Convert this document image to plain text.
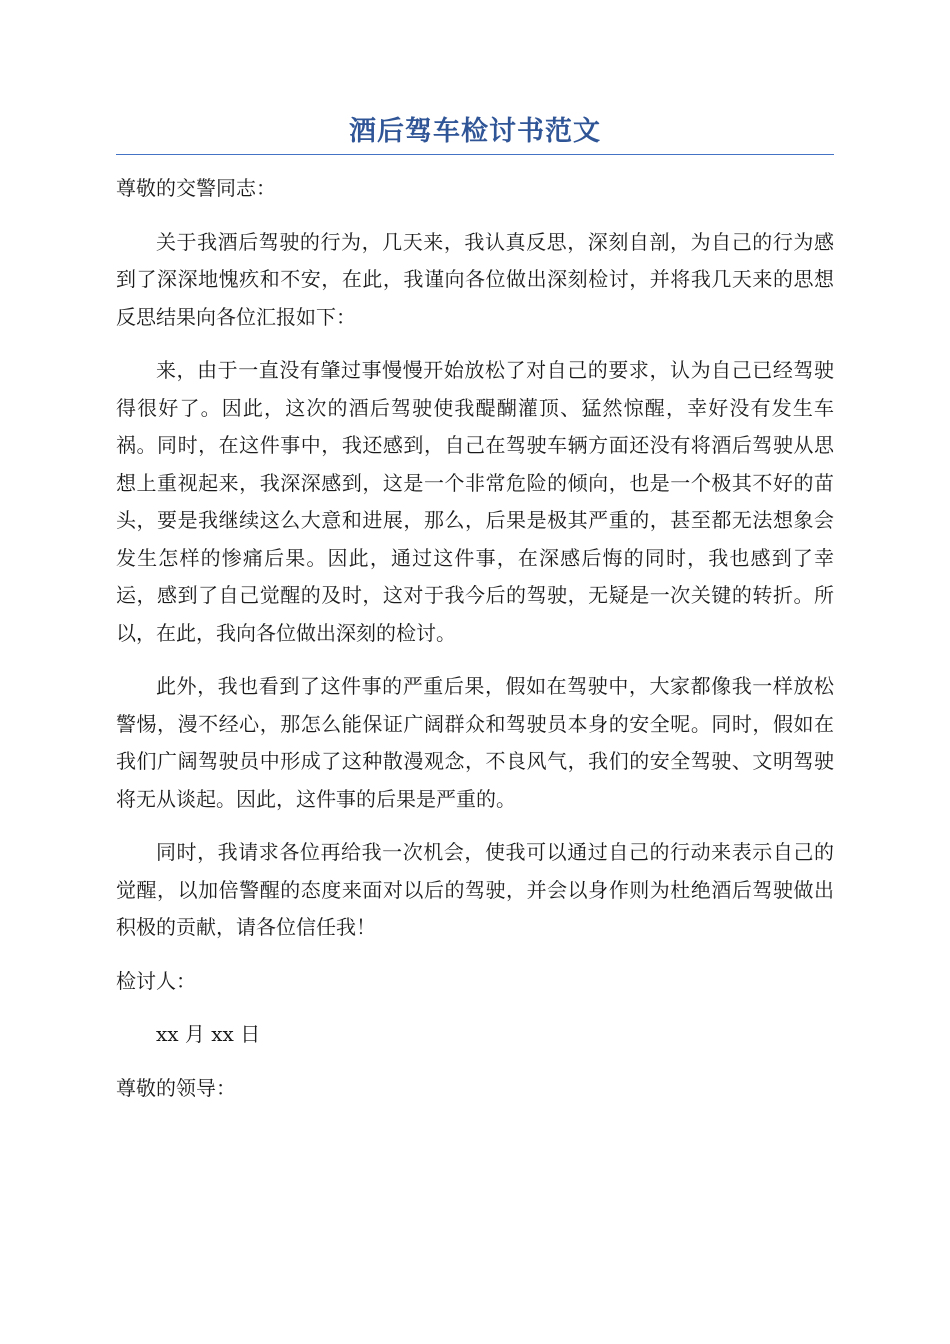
酒后驾车检讨书范文

尊敬的交警同志：

关于我酒后驾驶的行为，几天来，我认真反思，深刻自剖，为自己的行为感到了深深地愧疚和不安，在此，我谨向各位做出深刻检讨，并将我几天来的思想反思结果向各位汇报如下：

来，由于一直没有肇过事慢慢开始放松了对自己的要求，认为自己已经驾驶得很好了。因此，这次的酒后驾驶使我醍醐灌顶、猛然惊醒，幸好没有发生车祸。同时，在这件事中，我还感到，自己在驾驶车辆方面还没有将酒后驾驶从思想上重视起来，我深深感到，这是一个非常危险的倾向，也是一个极其不好的苗头，要是我继续这么大意和进展，那么，后果是极其严重的，甚至都无法想象会发生怎样的惨痛后果。因此，通过这件事，在深感后悔的同时，我也感到了幸运，感到了自己觉醒的及时，这对于我今后的驾驶，无疑是一次关键的转折。所以，在此，我向各位做出深刻的检讨。

此外，我也看到了这件事的严重后果，假如在驾驶中，大家都像我一样放松警惕，漫不经心，那怎么能保证广阔群众和驾驶员本身的安全呢。同时，假如在我们广阔驾驶员中形成了这种散漫观念，不良风气，我们的安全驾驶、文明驾驶将无从谈起。因此，这件事的后果是严重的。

同时，我请求各位再给我一次机会，使我可以通过自己的行动来表示自己的觉醒，以加倍警醒的态度来面对以后的驾驶，并会以身作则为杜绝酒后驾驶做出积极的贡献，请各位信任我！

检讨人：

xx 月 xx 日

尊敬的领导：
